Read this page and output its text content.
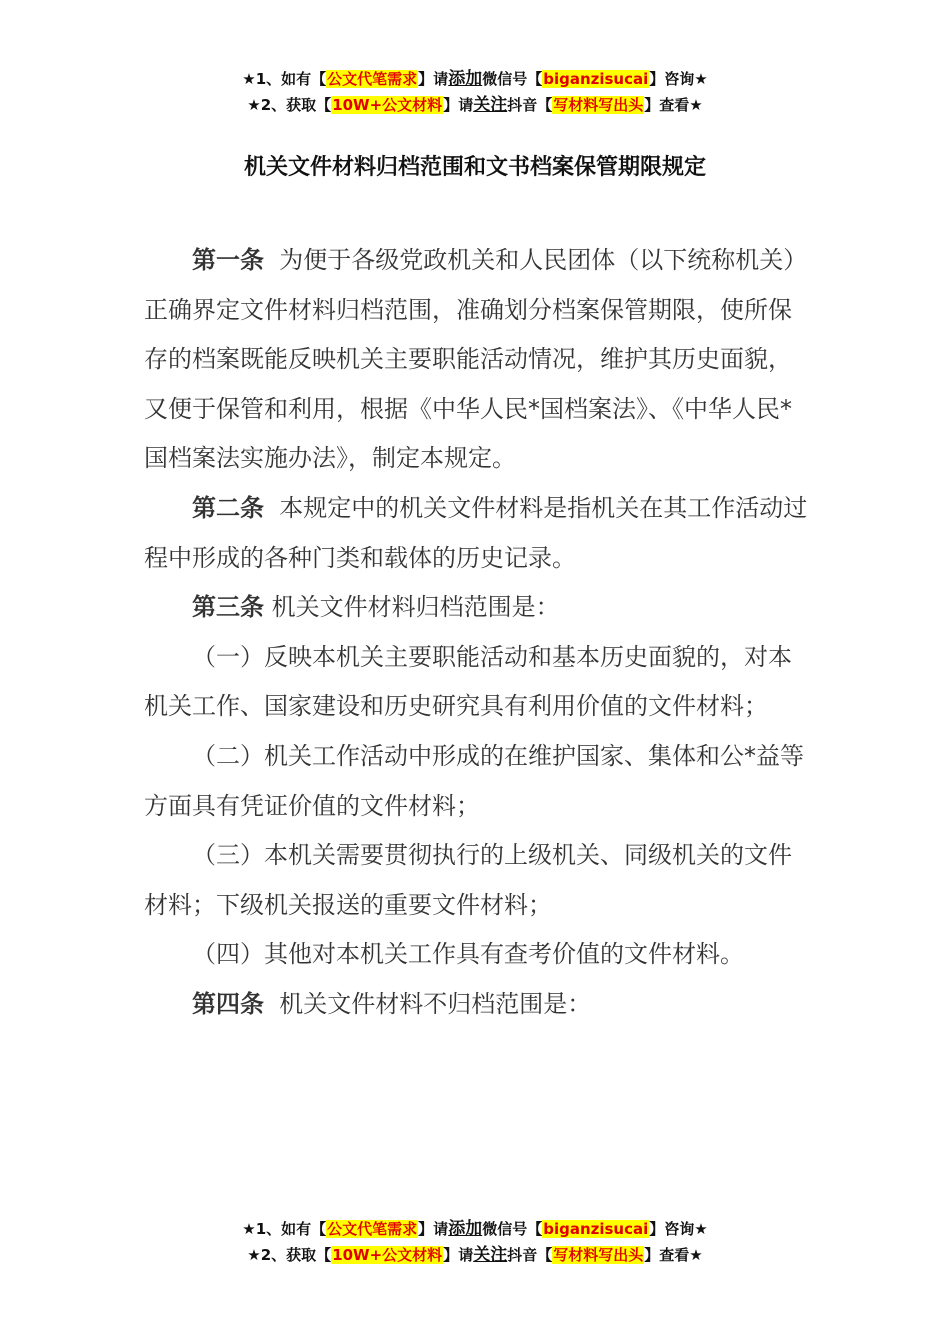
★1、如有【公文代笔需求】请添加微信号【biganzisucai】咨询★
★2、获取【10W+公文材料】请关注抖音【写材料写出头】查看★
机关文件材料归档范围和文书档案保管期限规定

第一条 为便于各级党政机关和人民团体（以下统称机关）正确界定文件材料归档范围，准确划分档案保管期限，使所保存的档案既能反映机关主要职能活动情况，维护其历史面貌，又便于保管和利用，根据《中华人民*国档案法》、《中华人民*国档案法实施办法》，制定本规定。

第二条 本规定中的机关文件材料是指机关在其工作活动过程中形成的各种门类和载体的历史记录。

第三条 机关文件材料归档范围是：

（一）反映本机关主要职能活动和基本历史面貌的，对本机关工作、国家建设和历史研究具有利用价值的文件材料；

（二）机关工作活动中形成的在维护国家、集体和公*益等方面具有凭证价值的文件材料；

（三）本机关需要贯彻执行的上级机关、同级机关的文件材料；下级机关报送的重要文件材料；

（四）其他对本机关工作具有查考价值的文件材料。

第四条 机关文件材料不归档范围是：

★1、如有【公文代笔需求】请添加微信号【biganzisucai】咨询★
★2、获取【10W+公文材料】请关注抖音【写材料写出头】查看★
